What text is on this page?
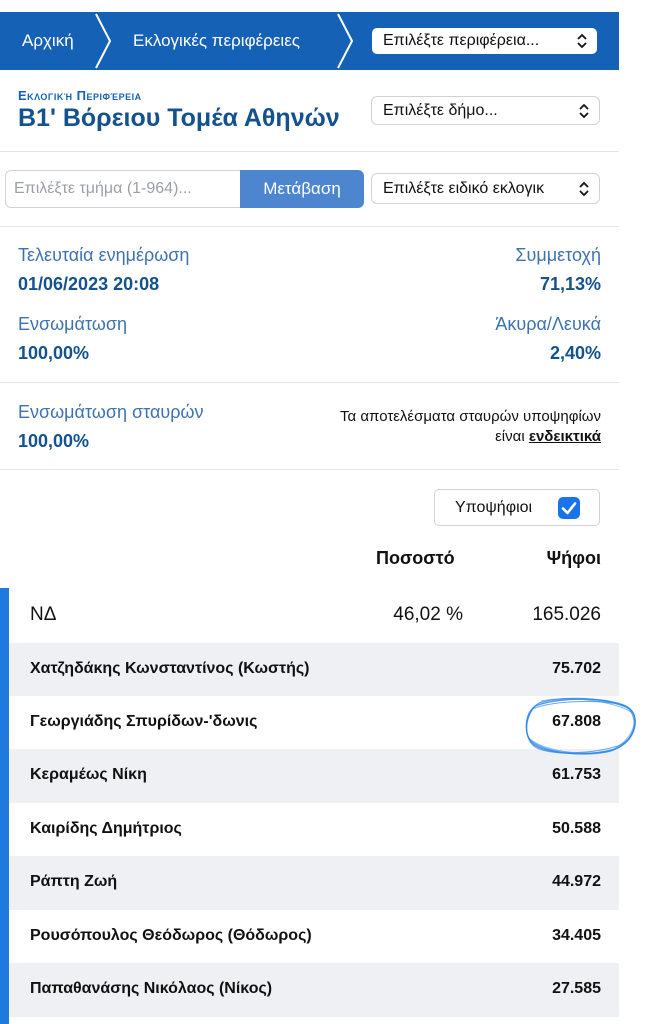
Αρχική	Εκλογικές περιφέρειες	Επιλέξτε περιφέρεια...
Εκλογική Περιφέρεια
Β1' Βόρειου Τομέα Αθηνών	Επιλέξτε δήμο...
Επιλέξτε τμήμα (1-964)...
Μετάβαση	Επιλέξτε ειδικό εκλογικ
Τελευταία ενημέρωση
01/06/2023 20:08
Συμμετοχή
71,13%
Ενσωμάτωση
100,00%
Άκυρα/Λευκά
2,40%
Ενσωμάτωση σταυρών
100,00%
Τα αποτελέσματα σταυρών υποψηφίων
είναι ενδεικτικά
Υποψήφιοι
Ποσοστό	Ψήφοι
ΝΔ	46,02 %	165.026
Χατζηδάκης Κωνσταντίνος (Κωστής)	75.702
Γεωργιάδης Σπυρίδων-'δωνις	67.808
Κεραμέως Νίκη	61.753
Καιρίδης Δημήτριος	50.588
Ράπτη Ζωή	44.972
Ρουσόπουλος Θεόδωρος (Θόδωρος)	34.405
Παπαθανάσης Νικόλαος (Νίκος)	27.585
